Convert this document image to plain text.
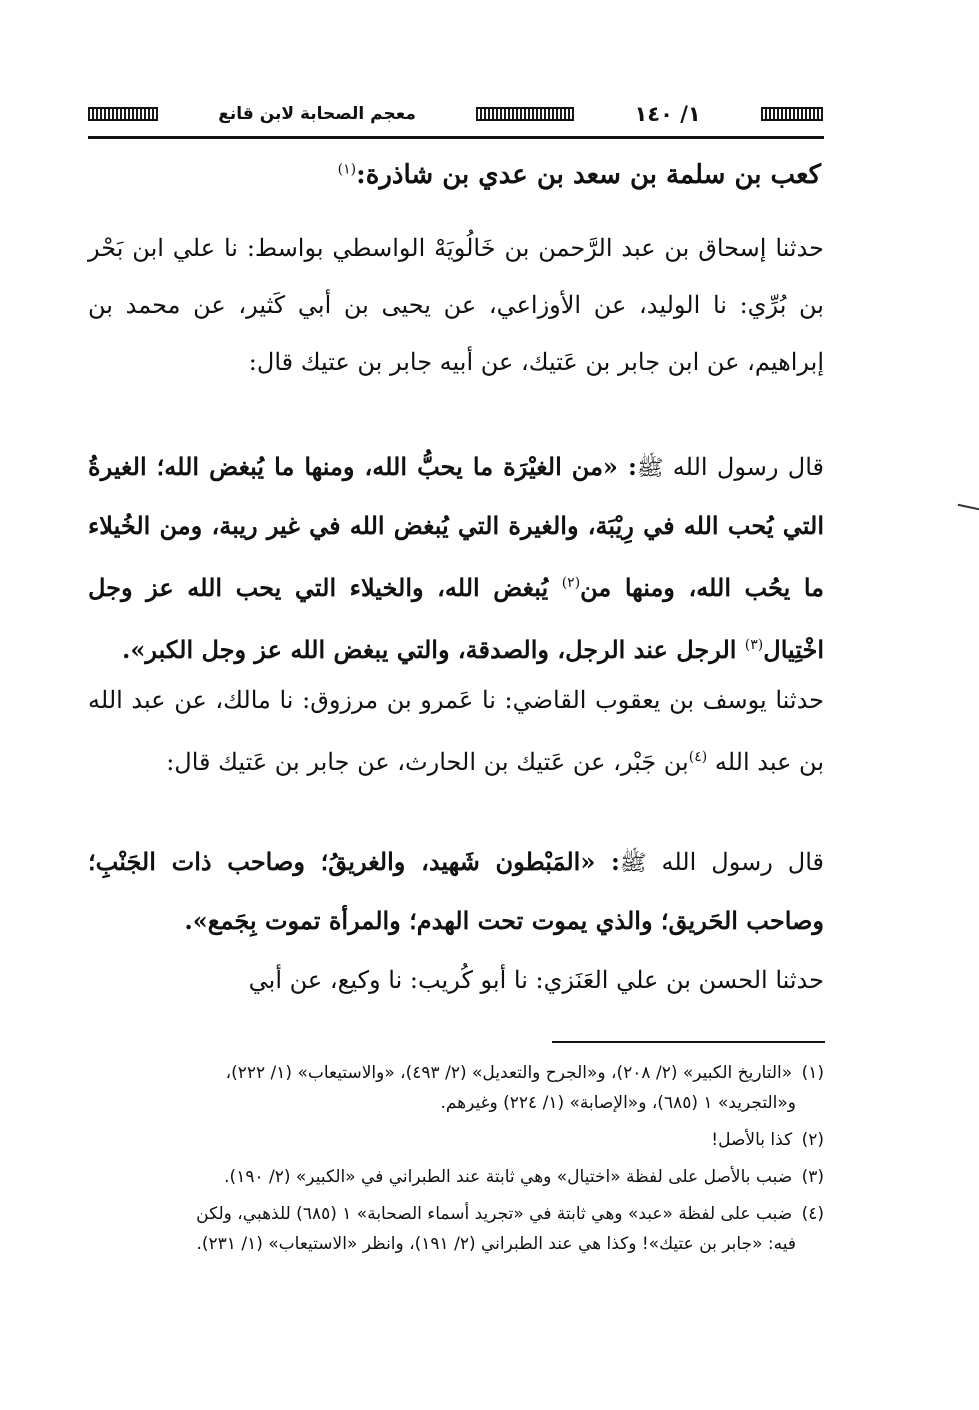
١/ ١٤٠
معجم الصحابة لابن قانع
كعب بن سلمة بن سعد بن عدي بن شاذرة:$^{(١)}$

حدثنا إسحاق بن عبد الرَّحمن بن خَالُويَهْ الواسطي بواسط: نا علي ابن بَحْر بن بُرِّي: نا الوليد، عن الأوزاعي، عن يحيى بن أبي كَثير، عن محمد بن إبراهيم، عن ابن جابر بن عَتيك، عن أبيه جابر بن عتيك قال:

قال رسول الله ﷺ: «من الغيْرَة ما يحبُّ الله، ومنها ما يُبغض الله؛ الغيرةُ التي يُحب الله في رِيْبَة، والغيرة التي يُبغض الله في غير ريبة، ومن الخُيلاء ما يحُب الله، ومنها من$^{(٢)}$ يُبغض الله، والخيلاء التي يحب الله عز وجل اخْتِيال$^{(٣)}$ الرجل عند الرجل، والصدقة، والتي يبغض الله عز وجل الكبر».

حدثنا يوسف بن يعقوب القاضي: نا عَمرو بن مرزوق: نا مالك، عن عبد الله بن عبد الله $^{(٤)}$بن جَبْر، عن عَتيك بن الحارث، عن جابر بن عَتيك قال:

قال رسول الله ﷺ: «المَبْطون شَهيد، والغريقُ؛ وصاحب ذات الجَنْبِ؛ وصاحب الحَريق؛ والذي يموت تحت الهدم؛ والمرأة تموت بِجَمع».

حدثنا الحسن بن علي العَنَزي: نا أبو كُريب: نا وكيع، عن أبي

(١) «التاريخ الكبير» (٢/ ٢٠٨)، و«الجرح والتعديل» (٢/ ٤٩٣)، «والاستيعاب» (١/ ٢٢٢)،
و«التجريد» ١ (٦٨٥)، و«الإصابة» (١/ ٢٢٤) وغيرهم.
(٢) كذا بالأصل!
(٣) ضبب بالأصل على لفظة «اختيال» وهي ثابتة عند الطبراني في «الكبير» (٢/ ١٩٠).
(٤) ضبب على لفظة «عبد» وهي ثابتة في «تجريد أسماء الصحابة» ١ (٦٨٥) للذهبي، ولكن
فيه: «جابر بن عتيك»! وكذا هي عند الطبراني (٢/ ١٩١)، وانظر «الاستيعاب» (١/ ٢٣١).
